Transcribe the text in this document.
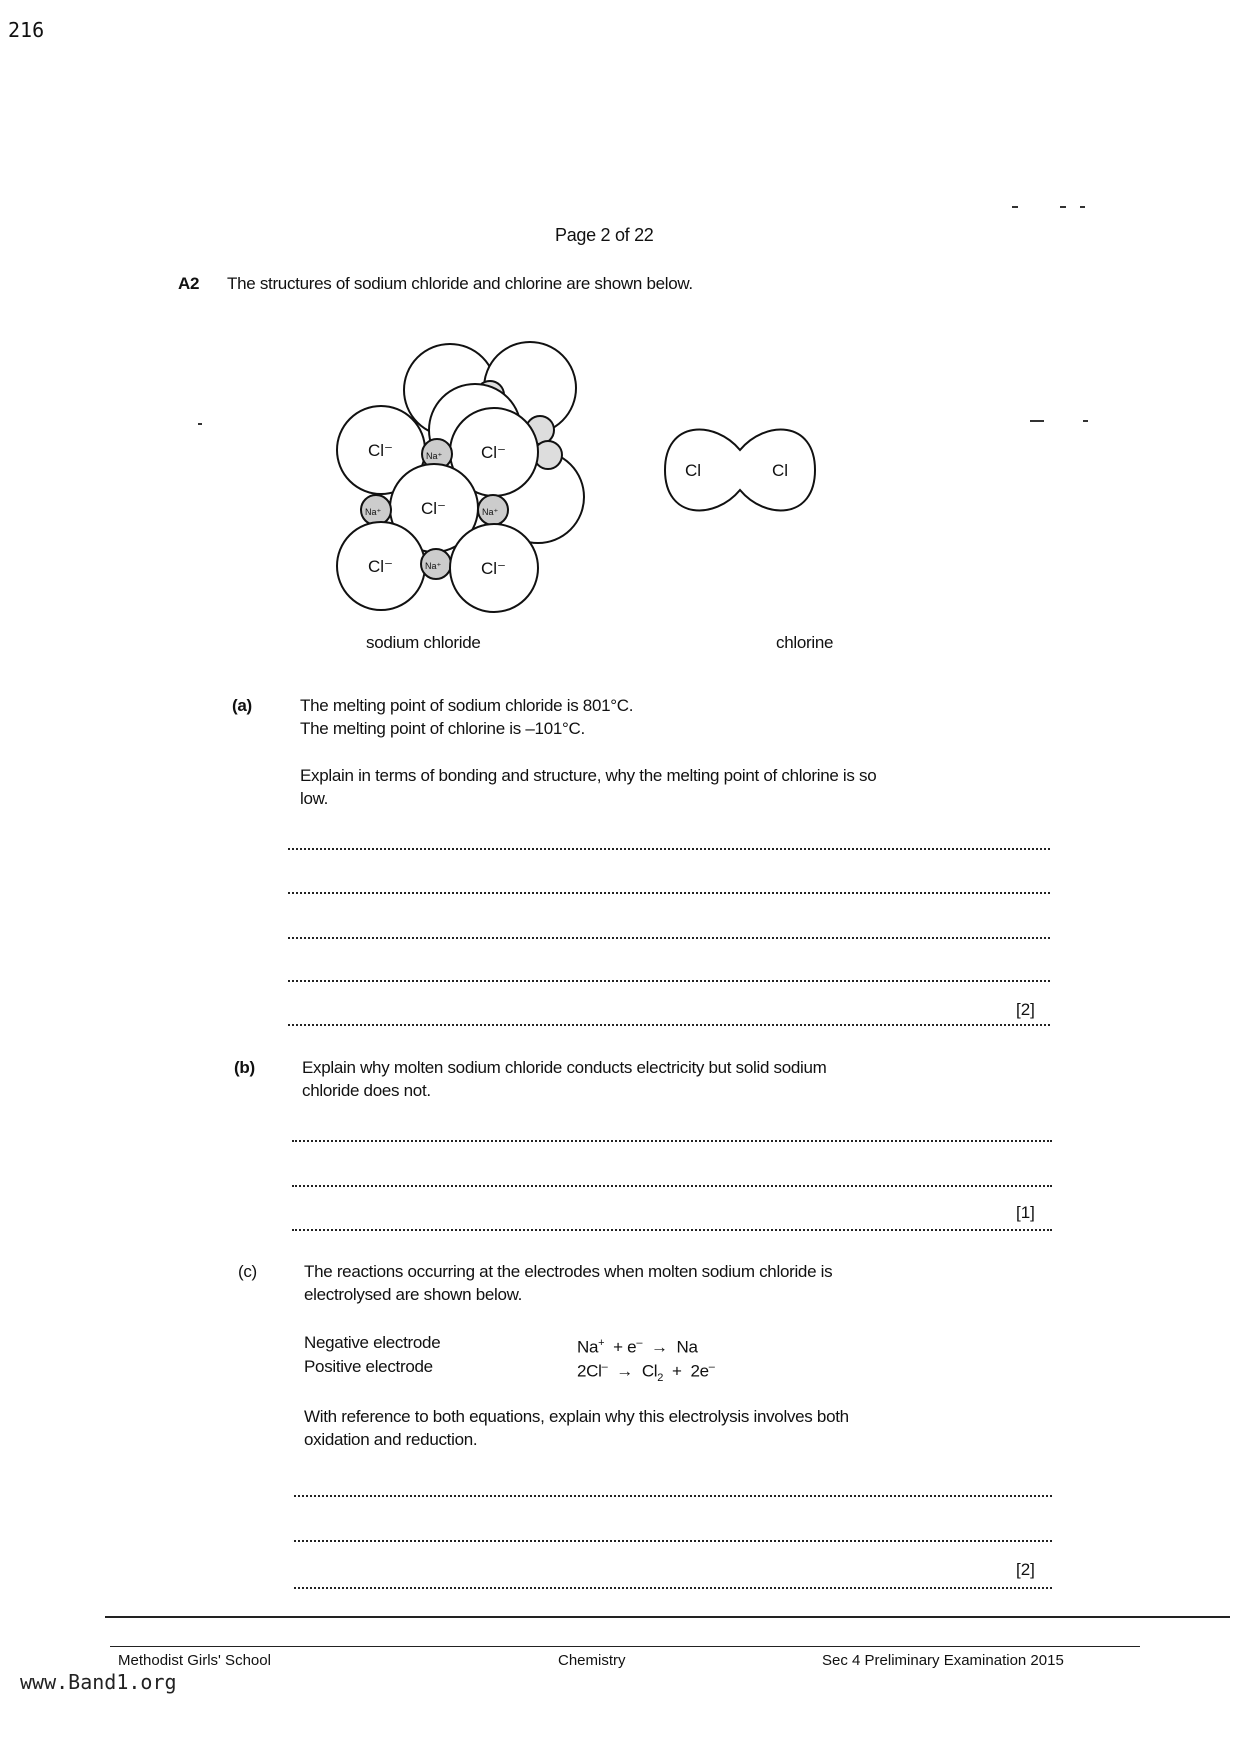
216
Page 2 of 22
A2 The structures of sodium chloride and chlorine are shown below.
Cl⁻	Cl⁻
Cl⁻
Cl⁻	Cl⁻
Na⁺
Na⁺	Na⁺
Na⁺
Cl	Cl
sodium chloride	chlorine
(a)	The melting point of sodium chloride is 801°C.
The melting point of chlorine is –101°C.
Explain in terms of bonding and structure, why the melting point of chlorine is so
low.
[2]
(b)	Explain why molten sodium chloride conducts electricity but solid sodium
chloride does not.
[1]
(c)	The reactions occurring at the electrodes when molten sodium chloride is
electrolysed are shown below.
Negative electrode	Na+  + e–  →  Na
Positive electrode	$2Cl^- \to Cl_2 + 2e^-$
With reference to both equations, explain why this electrolysis involves both
oxidation and reduction.
[2]
Methodist Girls' School	Chemistry	Sec 4 Preliminary Examination 2015
www.Band1.org
